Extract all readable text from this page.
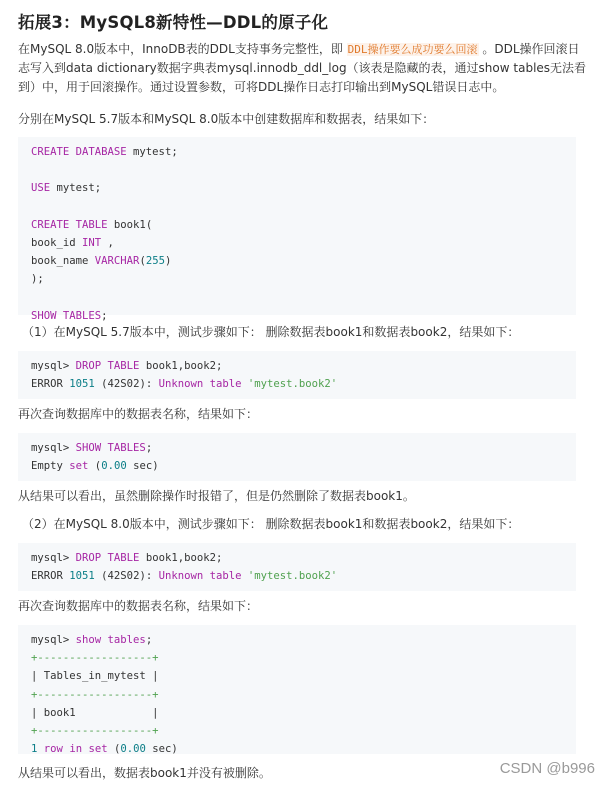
拓展3：MySQL8新特性—DDL的原子化
在MySQL 8.0版本中，InnoDB表的DDL支持事务完整性，即 DDL操作要么成功要么回滚 。DDL操作回滚日志写入到data dictionary数据字典表mysql.innodb_ddl_log（该表是隐藏的表，通过show tables无法看到）中，用于回滚操作。通过设置参数，可将DDL操作日志打印输出到MySQL错误日志中。
分别在MySQL 5.7版本和MySQL 8.0版本中创建数据库和数据表，结果如下：
CREATE DATABASE mytest;
USE mytest;
CREATE TABLE book1(
book_id INT ,
book_name VARCHAR(255)
);
SHOW TABLES;
（1）在MySQL 5.7版本中，测试步骤如下： 删除数据表book1和数据表book2，结果如下：
mysql> DROP TABLE book1,book2;
ERROR 1051 (42S02): Unknown table 'mytest.book2'
再次查询数据库中的数据表名称，结果如下：
mysql> SHOW TABLES;
Empty set (0.00 sec)
从结果可以看出，虽然删除操作时报错了，但是仍然删除了数据表book1。
（2）在MySQL 8.0版本中，测试步骤如下： 删除数据表book1和数据表book2，结果如下：
mysql> DROP TABLE book1,book2;
ERROR 1051 (42S02): Unknown table 'mytest.book2'
再次查询数据库中的数据表名称，结果如下：
mysql> show tables;
+------------------+
| Tables_in_mytest |
+------------------+
| book1            |
+------------------+
1 row in set (0.00 sec)
从结果可以看出，数据表book1并没有被删除。	CSDN @b996
